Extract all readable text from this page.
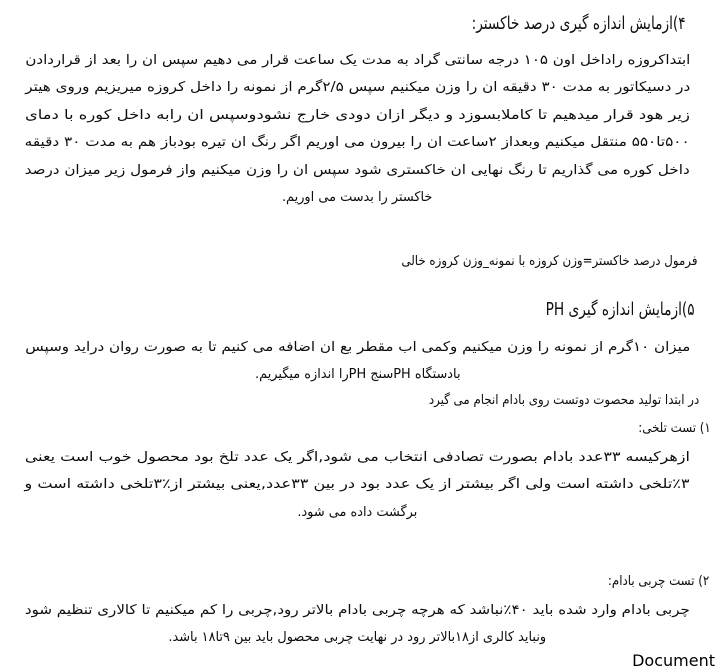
۴)ازمایش اندازه گیری درصد خاکستر:
ابتداکروزه راداخل اون ۱۰۵ درجه سانتی گراد به مدت یک ساعت قرار می دهیم سپس ان را بعد از قراردادن
در دسیکاتور به مدت ۳۰ دقیقه ان را وزن میکنیم سپس ۲/۵گرم از نمونه را داخل کروزه میریزیم وروی هیتر
زیر هود قرار میدهیم تا کاملابسوزد و دیگر ازان دودی خارج نشودوسپس ان رابه داخل کوره با دمای
۵۰۰تا۵۵۰ منتقل میکنیم وبعداز ۲ساعت ان را بیرون می اوریم اگر رنگ ان تیره بودباز هم به مدت ۳۰ دقیقه
داخل کوره می گذاریم تا رنگ نهایی ان خاکستری شود سپس ان را وزن میکنیم واز فرمول زیر میزان درصد
خاکستر را بدست می اوریم.
فرمول درصد خاکستر=وزن کروزه با نمونه_وزن کروزه خالی
۵)ازمایش اندازه گیری PH
میزان ۱۰گرم از نمونه را وزن میکنیم وکمی اب مقطر بع ان اضافه می کنیم تا به صورت روان دراید وسپس
بادستگاه PHسنج PHرا اندازه میگیریم.
در ابتدا تولید محصوت دوتست روی بادام انجام می گیرد
۱) تست تلخی:
ازهرکیسه ۳۳عدد بادام بصورت تصادفی انتخاب می شود,اگر یک عدد تلخ بود محصول خوب است یعنی
٪۳تلخی داشته است ولی اگر بیشتر از یک عدد بود در بین ۳۳عدد,یعنی بیشتر از٪۳تلخی داشته است و
برگشت داده می شود.
۲) تست چربی بادام:
چربی بادام وارد شده باید ۴۰٪نباشد که هرچه چربی بادام بالاتر رود,چربی را کم میکنیم تا کالاری تنظیم شود
ونباید کالری از۱۸بالاتر رود در نهایت چربی محصول باید بین ۹تا۱۸ باشد.
Document
